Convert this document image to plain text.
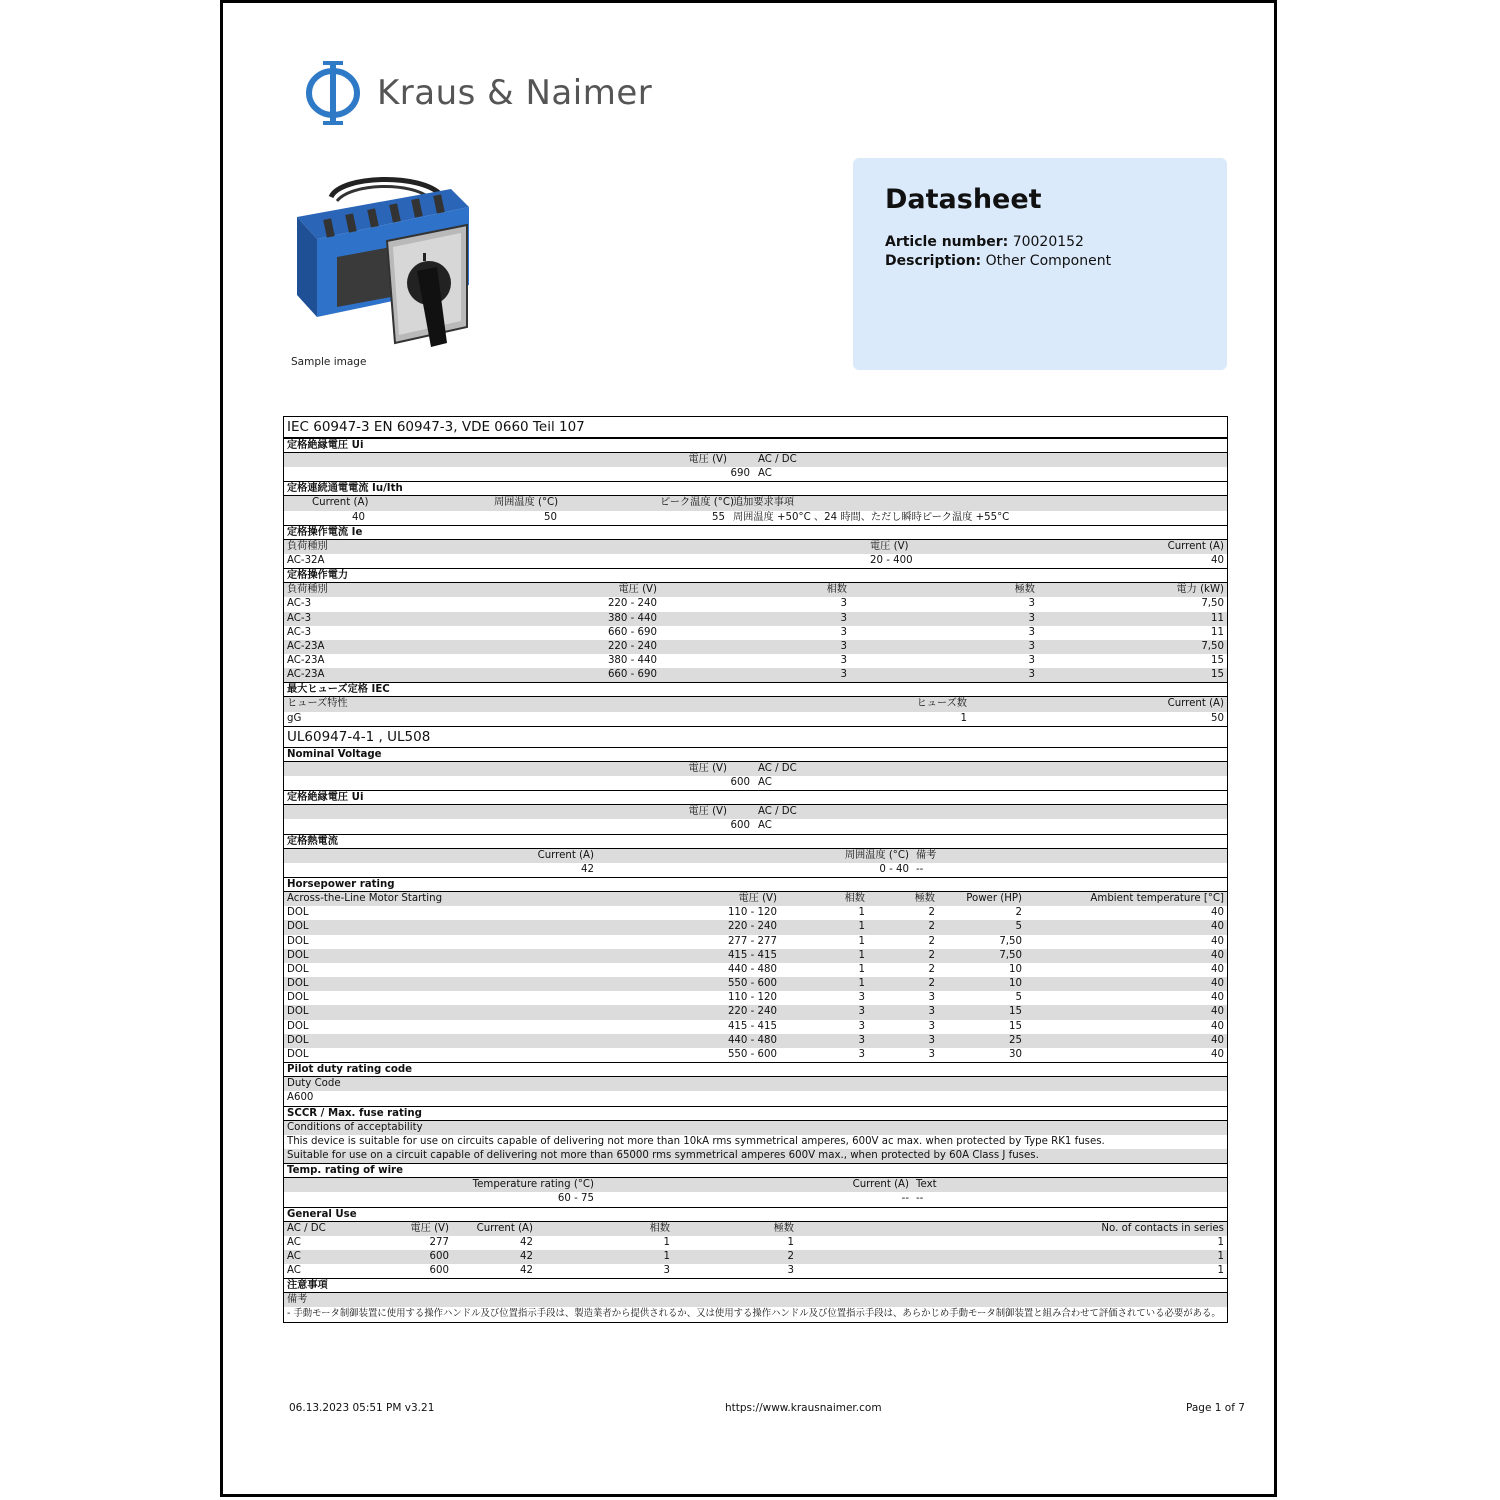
Kraus & Naimer
Sample image
Datasheet
Article number: 70020152
Description: Other Component
IEC 60947-3 EN 60947-3, VDE 0660 Teil 107
定格絶縁電圧 Ui
電圧 (V)	AC / DC
690 AC
定格連続通電電流 Iu/Ith
Current (A)	周囲温度 (°C)	ピーク温度 (°C) 追加要求事項
40	50	55 周囲温度 +50°C 、24 時間、ただし瞬時ピーク温度 +55°C
定格操作電流 Ie
負荷種別	電圧 (V)	Current (A)
AC-32A	20 - 400	40
定格操作電力
負荷種別	電圧 (V)	相数	極数	電力 (kW)
AC-3	220 - 240	3	3	7,50
AC-3	380 - 440	3	3	11
AC-3	660 - 690	3	3	11
AC-23A	220 - 240	3	3	7,50
AC-23A	380 - 440	3	3	15
AC-23A	660 - 690	3	3	15
最大ヒューズ定格 IEC
ヒューズ特性	ヒューズ数	Current (A)
gG	1	50
UL60947-4-1 , UL508
Nominal Voltage
電圧 (V)	AC / DC
600 AC
定格絶縁電圧 Ui
電圧 (V)	AC / DC
600 AC
定格熱電流
Current (A)	周囲温度 (°C) 備考
42	0 - 40 --
Horsepower rating
Across-the-Line Motor Starting	電圧 (V)	相数	極数	Power (HP)	Ambient temperature [°C]
DOL	110 - 120	1	2	2	40
DOL	220 - 240	1	2	5	40
DOL	277 - 277	1	2	7,50	40
DOL	415 - 415	1	2	7,50	40
DOL	440 - 480	1	2	10	40
DOL	550 - 600	1	2	10	40
DOL	110 - 120	3	3	5	40
DOL	220 - 240	3	3	15	40
DOL	415 - 415	3	3	15	40
DOL	440 - 480	3	3	25	40
DOL	550 - 600	3	3	30	40
Pilot duty rating code
Duty Code
A600
SCCR / Max. fuse rating
Conditions of acceptability
This device is suitable for use on circuits capable of delivering not more than 10kA rms symmetrical amperes, 600V ac max. when protected by Type RK1 fuses.
Suitable for use on a circuit capable of delivering not more than 65000 rms symmetrical amperes 600V max., when protected by 60A Class J fuses.
Temp. rating of wire
Temperature rating (°C)	Current (A) Text
60 - 75	-- --
General Use
AC / DC	電圧 (V)	Current (A)	相数	極数	No. of contacts in series
AC	277	42	1	1	1
AC	600	42	1	2	1
AC	600	42	3	3	1
注意事項
備考
- 手動モータ制御装置に使用する操作ハンドル及び位置指示手段は、製造業者から提供されるか、又は使用する操作ハンドル及び位置指示手段は、あらかじめ手動モータ制御装置と組み合わせて評価されている必要がある。
06.13.2023 05:51 PM v3.21	https://www.krausnaimer.com	Page 1 of 7
